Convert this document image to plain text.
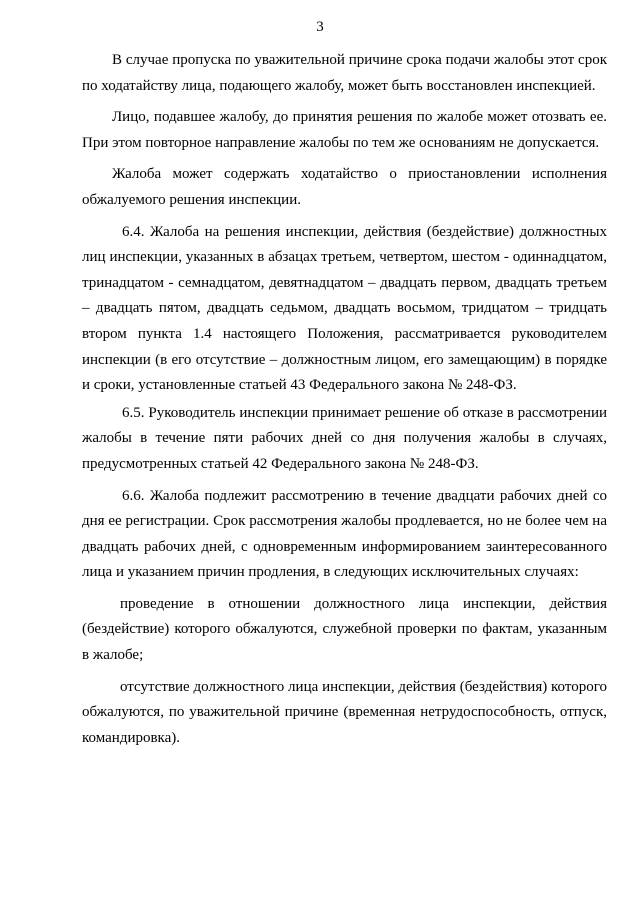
3

В случае пропуска по уважительной причине срока подачи жалобы этот срок по ходатайству лица, подающего жалобу, может быть восстановлен инспекцией.

Лицо, подавшее жалобу, до принятия решения по жалобе может отозвать ее. При этом повторное направление жалобы по тем же основаниям не допускается.

Жалоба может содержать ходатайство о приостановлении исполнения обжалуемого решения инспекции.

6.4. Жалоба на решения инспекции, действия (бездействие) должностных лиц инспекции, указанных в абзацах третьем, четвертом, шестом - одиннадцатом, тринадцатом - семнадцатом, девятнадцатом – двадцать первом, двадцать третьем – двадцать пятом, двадцать седьмом, двадцать восьмом, тридцатом – тридцать втором пункта 1.4 настоящего Положения, рассматривается руководителем инспекции (в его отсутствие – должностным лицом, его замещающим) в порядке и сроки, установленные статьей 43 Федерального закона № 248-ФЗ.

6.5. Руководитель инспекции принимает решение об отказе в рассмотрении жалобы в течение пяти рабочих дней со дня получения жалобы в случаях, предусмотренных статьей 42 Федерального закона № 248-ФЗ.

6.6. Жалоба подлежит рассмотрению в течение двадцати рабочих дней со дня ее регистрации. Срок рассмотрения жалобы продлевается, но не более чем на двадцать рабочих дней, с одновременным информированием заинтересованного лица и указанием причин продления, в следующих исключительных случаях:

проведение в отношении должностного лица инспекции, действия (бездействие) которого обжалуются, служебной проверки по фактам, указанным в жалобе;

отсутствие должностного лица инспекции, действия (бездействия) которого обжалуются, по уважительной причине (временная нетрудоспособность, отпуск, командировка).
